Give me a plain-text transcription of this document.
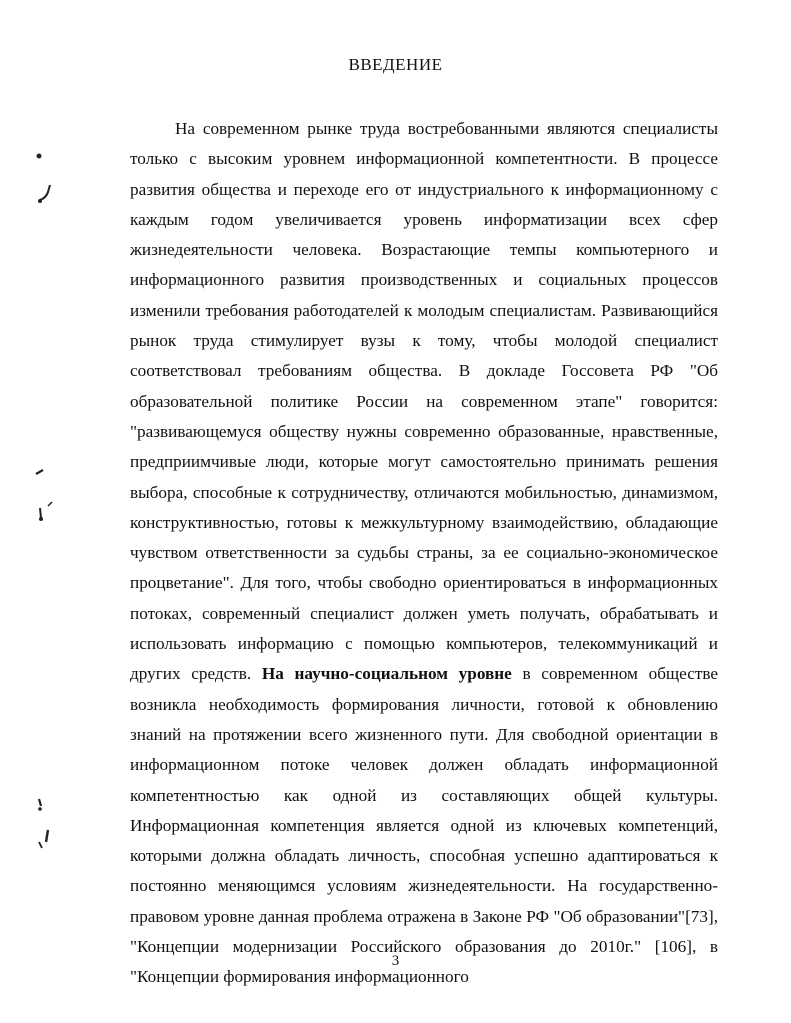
ВВЕДЕНИЕ

На современном рынке труда востребованными являются специалисты только с высоким уровнем информационной компетентности. В процессе развития общества и переходе его от индустриального к информационному с каждым годом увеличивается уровень информатизации всех сфер жизнедеятельности человека. Возрастающие темпы компьютерного и информационного развития производственных и социальных процессов изменили требования работодателей к молодым специалистам. Развивающийся рынок труда стимулирует вузы к тому, чтобы молодой специалист соответствовал требованиям общества. В докладе Госсовета РФ "Об образовательной политике России на современном этапе" говорится: "развивающемуся обществу нужны современно образованные, нравственные, предприимчивые люди, которые могут самостоятельно принимать решения выбора, способные к сотрудничеству, отличаются мобильностью, динамизмом, конструктивностью, готовы к межкультурному взаимодействию, обладающие чувством ответственности за судьбы страны, за ее социально-экономическое процветание". Для того, чтобы свободно ориентироваться в информационных потоках, современный специалист должен уметь получать, обрабатывать и использовать информацию с помощью компьютеров, телекоммуникаций и других средств. На научно-социальном уровне в современном обществе возникла необходимость формирования личности, готовой к обновлению знаний на протяжении всего жизненного пути. Для свободной ориентации в информационном потоке человек должен обладать информационной компетентностью как одной из составляющих общей культуры. Информационная компетенция является одной из ключевых компетенций, которыми должна обладать личность, способная успешно адаптироваться к постоянно меняющимся условиям жизнедеятельности. На государственно-правовом уровне данная проблема отражена в Законе РФ "Об образовании"[73], "Концепции модернизации Российского образования до 2010г." [106], в "Концепции формирования информационного

3
